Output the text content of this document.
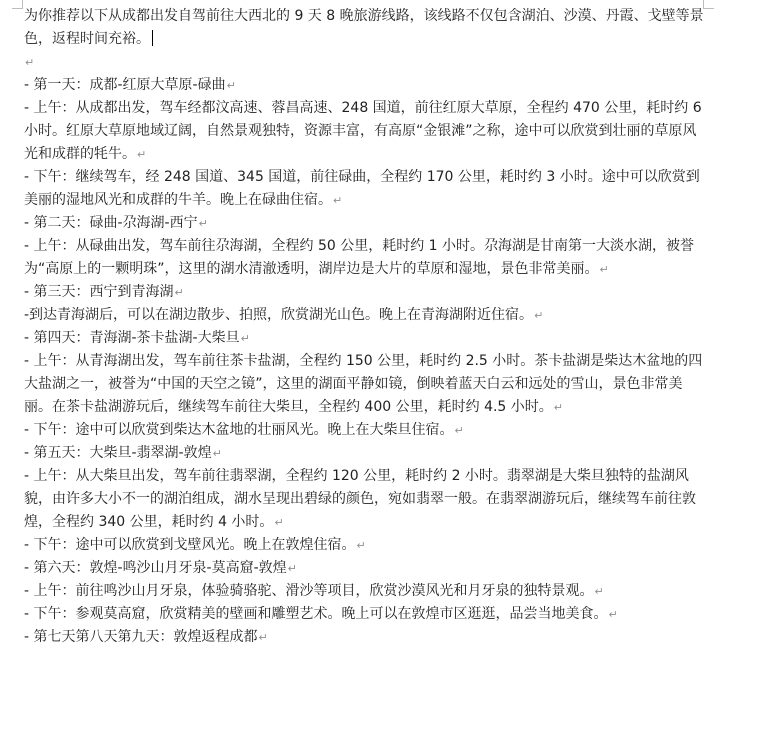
为你推荐以下从成都出发自驾前往大西北的 9 天 8 晚旅游线路，该线路不仅包含湖泊、沙漠、丹霞、戈壁等景色，返程时间充裕。

↵

- 第一天：成都-红原大草原-碌曲↵

- 上午：从成都出发，驾车经都汶高速、蓉昌高速、248 国道，前往红原大草原，全程约 470 公里，耗时约 6 小时。红原大草原地域辽阔，自然景观独特，资源丰富，有高原“金银滩”之称，途中可以欣赏到壮丽的草原风光和成群的牦牛。↵

- 下午：继续驾车，经 248 国道、345 国道，前往碌曲，全程约 170 公里，耗时约 3 小时。途中可以欣赏到美丽的湿地风光和成群的牛羊。晚上在碌曲住宿。↵

- 第二天：碌曲-尕海湖-西宁↵

- 上午：从碌曲出发，驾车前往尕海湖，全程约 50 公里，耗时约 1 小时。尕海湖是甘南第一大淡水湖，被誉为“高原上的一颗明珠”，这里的湖水清澈透明，湖岸边是大片的草原和湿地，景色非常美丽。↵

- 第三天：西宁到青海湖↵

-到达青海湖后，可以在湖边散步、拍照，欣赏湖光山色。晚上在青海湖附近住宿。↵

- 第四天：青海湖-茶卡盐湖-大柴旦↵

- 上午：从青海湖出发，驾车前往茶卡盐湖，全程约 150 公里，耗时约 2.5 小时。茶卡盐湖是柴达木盆地的四大盐湖之一，被誉为“中国的天空之镜”，这里的湖面平静如镜，倒映着蓝天白云和远处的雪山，景色非常美丽。在茶卡盐湖游玩后，继续驾车前往大柴旦，全程约 400 公里，耗时约 4.5 小时。↵

- 下午：途中可以欣赏到柴达木盆地的壮丽风光。晚上在大柴旦住宿。↵

- 第五天：大柴旦-翡翠湖-敦煌↵

- 上午：从大柴旦出发，驾车前往翡翠湖，全程约 120 公里，耗时约 2 小时。翡翠湖是大柴旦独特的盐湖风貌，由许多大小不一的湖泊组成，湖水呈现出碧绿的颜色，宛如翡翠一般。在翡翠湖游玩后，继续驾车前往敦煌，全程约 340 公里，耗时约 4 小时。↵

- 下午：途中可以欣赏到戈壁风光。晚上在敦煌住宿。↵

- 第六天：敦煌-鸣沙山月牙泉-莫高窟-敦煌↵

- 上午：前往鸣沙山月牙泉，体验骑骆驼、滑沙等项目，欣赏沙漠风光和月牙泉的独特景观。↵

- 下午：参观莫高窟，欣赏精美的壁画和雕塑艺术。晚上可以在敦煌市区逛逛，品尝当地美食。↵

- 第七天第八天第九天：敦煌返程成都↵
